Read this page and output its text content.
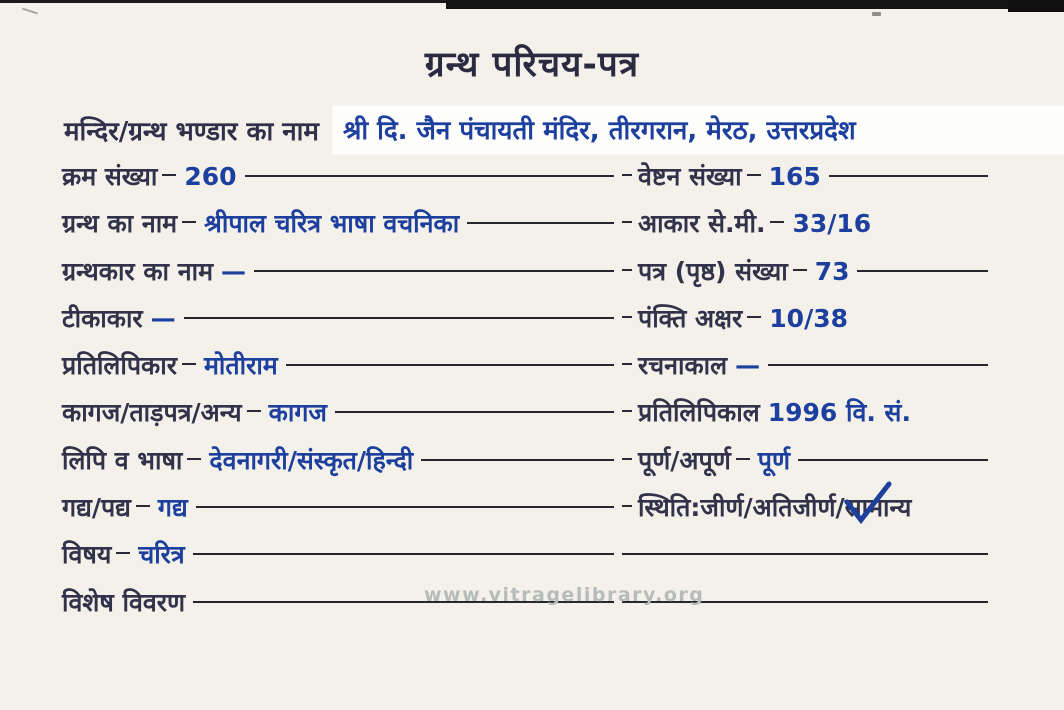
ग्रन्थ परिचय-पत्र
मन्दिर/ग्रन्थ भण्डार का नाम श्री दि. जैन पंचायती मंदिर, तीरगरान, मेरठ, उत्तरप्रदेश
क्रम संख्या 260	वेष्टन संख्या 165
ग्रन्थ का नाम श्रीपाल चरित्र भाषा वचनिका	आकार से.मी. 33/16
ग्रन्थकार का नाम —	पत्र (पृष्ठ) संख्या 73
टीकाकार —	पंक्ति अक्षर 10/38
प्रतिलिपिकार मोतीराम	रचनाकाल —
कागज/ताड़पत्र/अन्य कागज	प्रतिलिपिकाल 1996 वि. सं.
लिपि व भाषा देवनागरी/संस्कृत/हिन्दी	पूर्ण/अपूर्ण पूर्ण
गद्य/पद्य गद्य	स्थिति:जीर्ण/अतिजीर्ण/ सामान्य
विषय चरित्र
विशेष विवरण	www.vitragelibrary.org
